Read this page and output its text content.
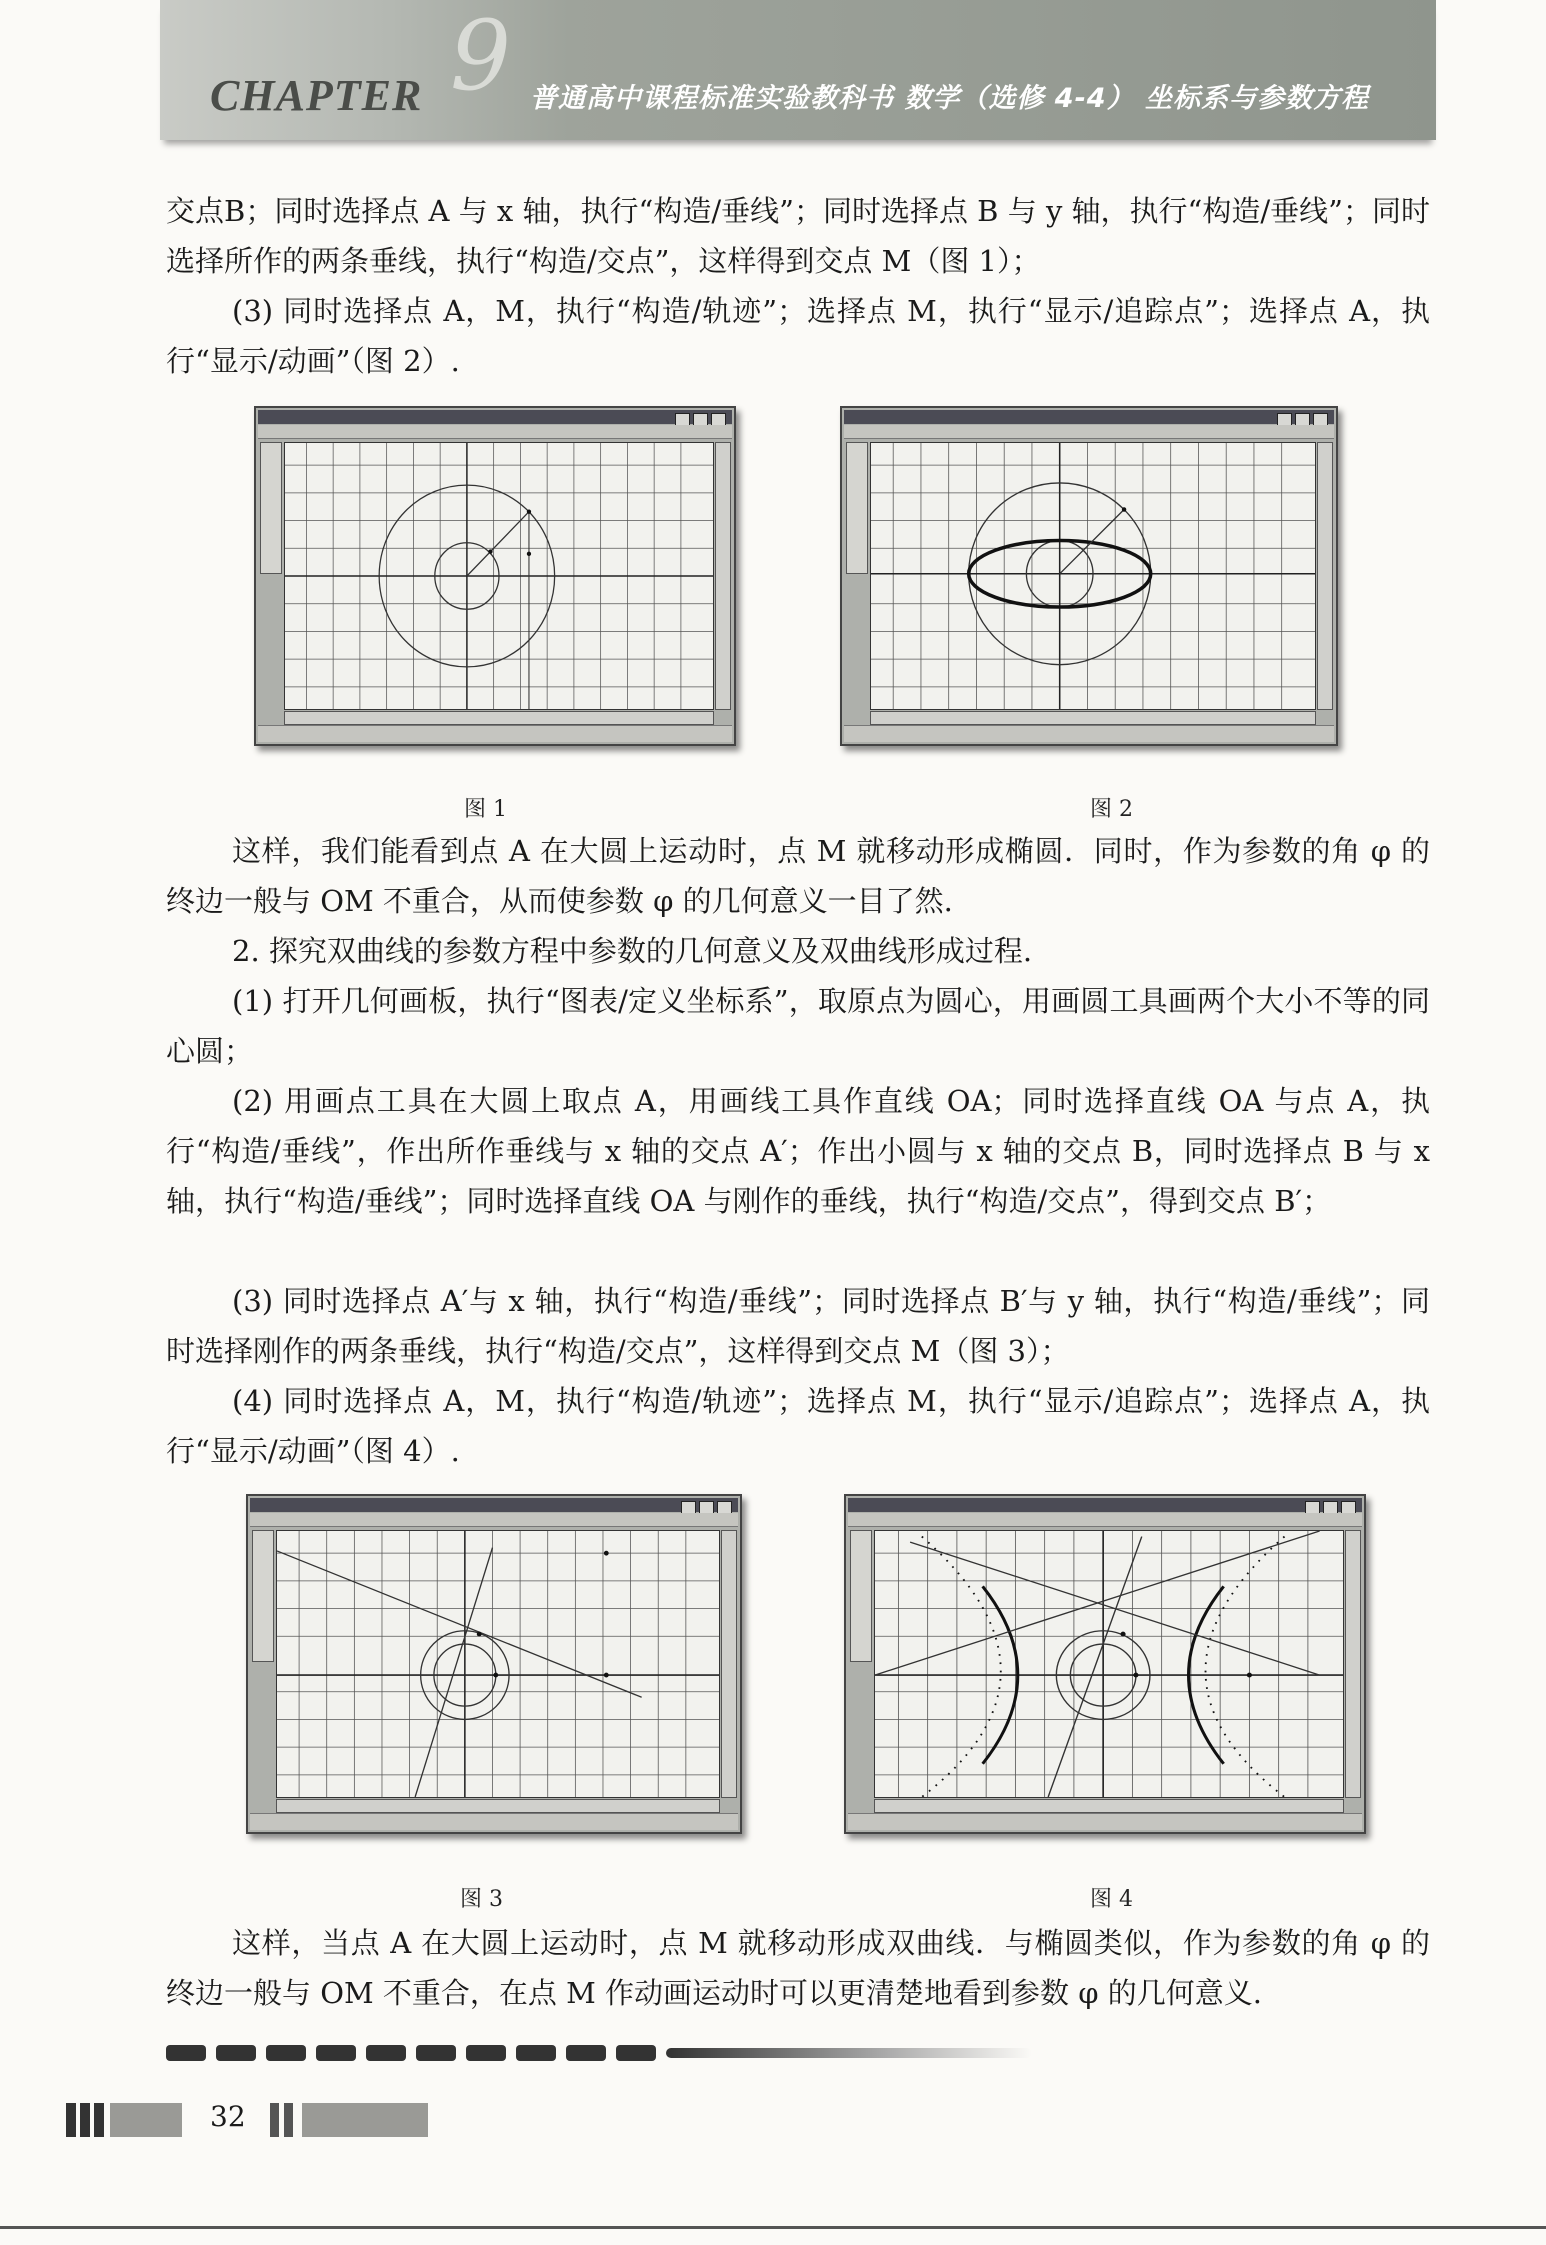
9
CHAPTER	普通高中课程标准实验教科书 数学（选修 4-4） 坐标系与参数方程
交点B；同时选择点 A 与 x 轴，执行“构造/垂线”；同时选择点 B 与 y 轴，执行“构造/垂线”；同时选择所作的两条垂线，执行“构造/交点”，这样得到交点 M（图 1）；
(3) 同时选择点 A，M，执行“构造/轨迹”；选择点 M，执行“显示/追踪点”；选择点 A，执行“显示/动画”（图 2）.
图 1	图 2
这样，我们能看到点 A 在大圆上运动时，点 M 就移动形成椭圆．同时，作为参数的角 φ 的终边一般与 OM 不重合，从而使参数 φ 的几何意义一目了然.
2. 探究双曲线的参数方程中参数的几何意义及双曲线形成过程.
(1) 打开几何画板，执行“图表/定义坐标系”，取原点为圆心，用画圆工具画两个大小不等的同心圆；
(2) 用画点工具在大圆上取点 A，用画线工具作直线 OA；同时选择直线 OA 与点 A，执行“构造/垂线”，作出所作垂线与 x 轴的交点 A′；作出小圆与 x 轴的交点 B，同时选择点 B 与 x 轴，执行“构造/垂线”；同时选择直线 OA 与刚作的垂线，执行“构造/交点”，得到交点 B′；
(3) 同时选择点 A′与 x 轴，执行“构造/垂线”；同时选择点 B′与 y 轴，执行“构造/垂线”；同时选择刚作的两条垂线，执行“构造/交点”，这样得到交点 M（图 3）；
(4) 同时选择点 A，M，执行“构造/轨迹”；选择点 M，执行“显示/追踪点”；选择点 A，执行“显示/动画”（图 4）.
图 3	图 4
这样，当点 A 在大圆上运动时，点 M 就移动形成双曲线．与椭圆类似，作为参数的角 φ 的终边一般与 OM 不重合，在点 M 作动画运动时可以更清楚地看到参数 φ 的几何意义.
32
